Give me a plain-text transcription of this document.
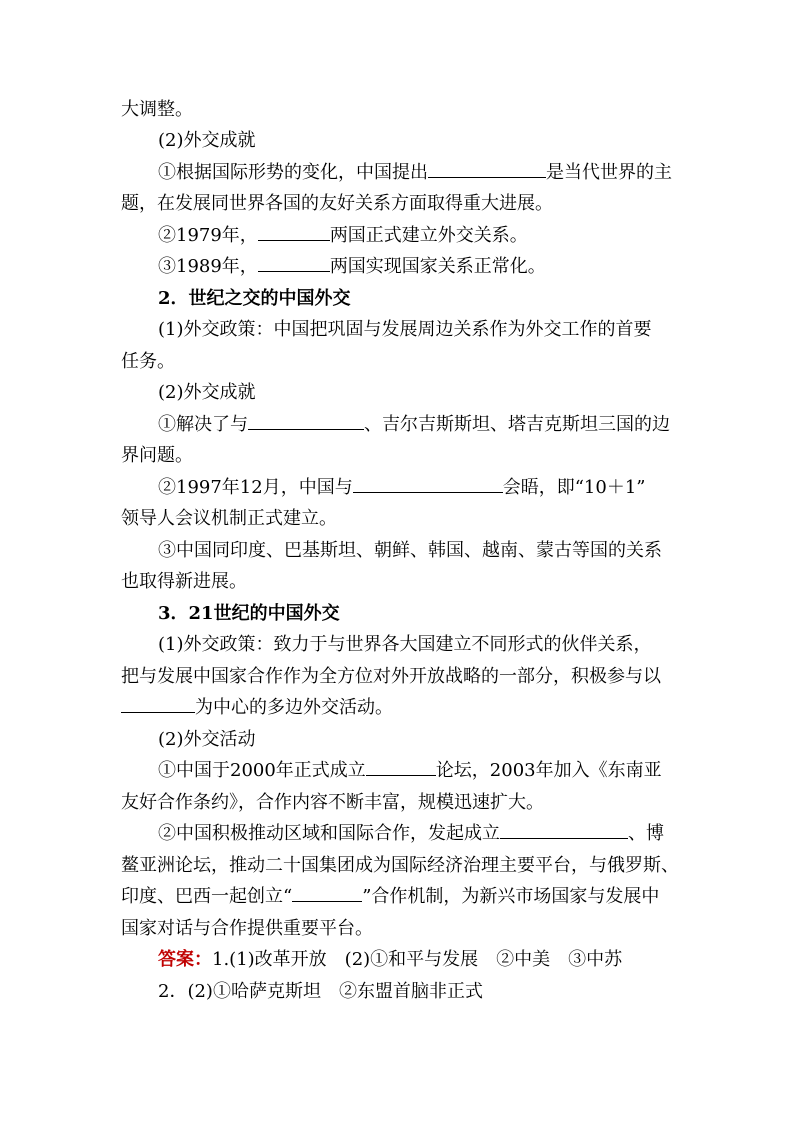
大调整。
(2)外交成就
①根据国际形势的变化，中国提出	是当代世界的主
题，在发展同世界各国的友好关系方面取得重大进展。
②1979年，	两国正式建立外交关系。
③1989年，	两国实现国家关系正常化。
2．世纪之交的中国外交
(1)外交政策：中国把巩固与发展周边关系作为外交工作的首要
任务。
(2)外交成就
①解决了与	、吉尔吉斯斯坦、塔吉克斯坦三国的边
界问题。
②1997年12月，中国与	会晤，即“10＋1”
领导人会议机制正式建立。
③中国同印度、巴基斯坦、朝鲜、韩国、越南、蒙古等国的关系
也取得新进展。
3．21世纪的中国外交
(1)外交政策：致力于与世界各大国建立不同形式的伙伴关系，
把与发展中国家合作作为全方位对外开放战略的一部分，积极参与以
为中心的多边外交活动。
(2)外交活动
①中国于2000年正式成立	论坛，2003年加入《东南亚
友好合作条约》，合作内容不断丰富，规模迅速扩大。
②中国积极推动区域和国际合作，发起成立	、博
鳌亚洲论坛，推动二十国集团成为国际经济治理主要平台，与俄罗斯、
印度、巴西一起创立“	”合作机制，为新兴市场国家与发展中
国家对话与合作提供重要平台。
答案：1.(1)改革开放　(2)①和平与发展　②中美　③中苏
2．(2)①哈萨克斯坦　②东盟首脑非正式
